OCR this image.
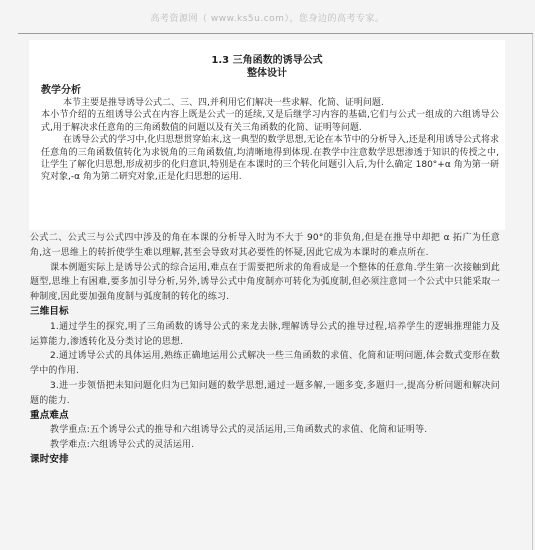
高考资源网（ www.ks5u.com），您身边的高考专家。
1.3 三角函数的诱导公式
整体设计
教学分析

本节主要是推导诱导公式二、三、四,并利用它们解决一些求解、化简、证明问题.

本小节介绍的五组诱导公式在内容上既是公式一的延续,又是后继学习内容的基础,它们与公式一组成的六组诱导公式,用于解决求任意角的三角函数值的问题以及有关三角函数的化简、证明等问题.

在诱导公式的学习中,化归思想贯穿始末,这一典型的数学思想,无论在本节中的分析导入,还是利用诱导公式将求任意角的三角函数值转化为求锐角的三角函数值,均清晰地得到体现.在教学中注意数学思想渗透于知识的传授之中,让学生了解化归思想,形成初步的化归意识,特别是在本课时的三个转化问题引入后,为什么确定 180°+α 角为第一研究对象,-α 角为第二研究对象,正是化归思想的运用.

公式二、公式三与公式四中涉及的角在本课的分析导入时为不大于 90°的非负角,但是在推导中却把 α 拓广为任意角,这一思维上的转折使学生难以理解,甚至会导致对其必要性的怀疑,因此它成为本课时的难点所在.

课本例题实际上是诱导公式的综合运用,难点在于需要把所求的角看成是一个整体的任意角.学生第一次接触到此题型,思维上有困难,要多加引导分析,另外,诱导公式中角度制亦可转化为弧度制,但必须注意同一个公式中只能采取一种制度,因此要加强角度制与弧度制的转化的练习.

三维目标

1.通过学生的探究,明了三角函数的诱导公式的来龙去脉,理解诱导公式的推导过程,培养学生的逻辑推理能力及运算能力,渗透转化及分类讨论的思想.

2.通过诱导公式的具体运用,熟练正确地运用公式解决一些三角函数的求值、化简和证明问题,体会数式变形在数学中的作用.

3.进一步领悟把未知问题化归为已知问题的数学思想,通过一题多解,一题多变,多题归一,提高分析问题和解决问题的能力.

重点难点

教学重点:五个诱导公式的推导和六组诱导公式的灵活运用,三角函数式的求值、化简和证明等.

教学难点:六组诱导公式的灵活运用.

课时安排
